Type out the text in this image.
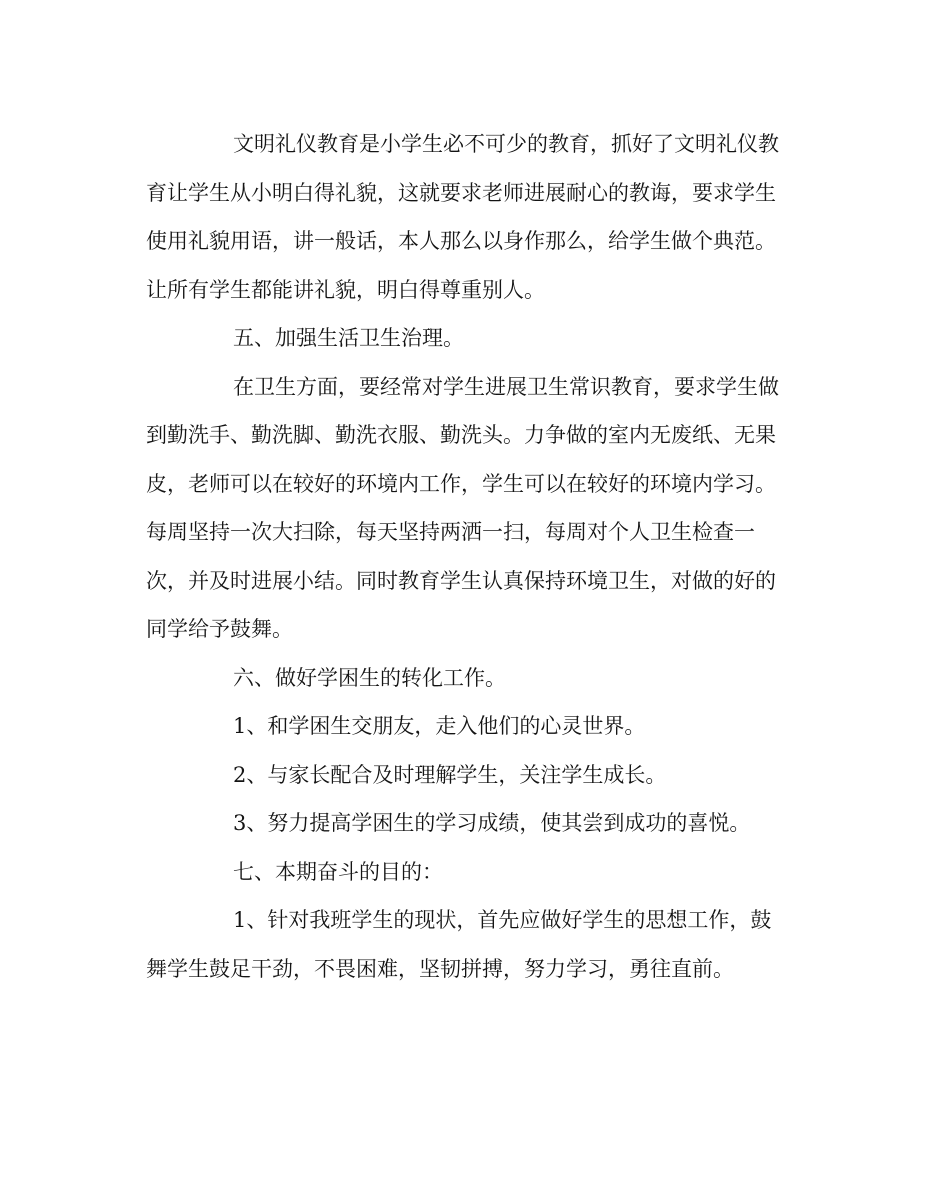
文明礼仪教育是小学生必不可少的教育，抓好了文明礼仪教
育让学生从小明白得礼貌，这就要求老师进展耐心的教诲，要求学生
使用礼貌用语，讲一般话，本人那么以身作那么，给学生做个典范。
让所有学生都能讲礼貌，明白得尊重别人。
五、加强生活卫生治理。
在卫生方面，要经常对学生进展卫生常识教育，要求学生做
到勤洗手、勤洗脚、勤洗衣服、勤洗头。力争做的室内无废纸、无果
皮，老师可以在较好的环境内工作，学生可以在较好的环境内学习。
每周坚持一次大扫除，每天坚持两洒一扫，每周对个人卫生检查一
次，并及时进展小结。同时教育学生认真保持环境卫生，对做的好的
同学给予鼓舞。
六、做好学困生的转化工作。
1、和学困生交朋友，走入他们的心灵世界。
2、与家长配合及时理解学生，关注学生成长。
3、努力提高学困生的学习成绩，使其尝到成功的喜悦。
七、本期奋斗的目的：
1、针对我班学生的现状，首先应做好学生的思想工作，鼓
舞学生鼓足干劲，不畏困难，坚韧拼搏，努力学习，勇往直前。
